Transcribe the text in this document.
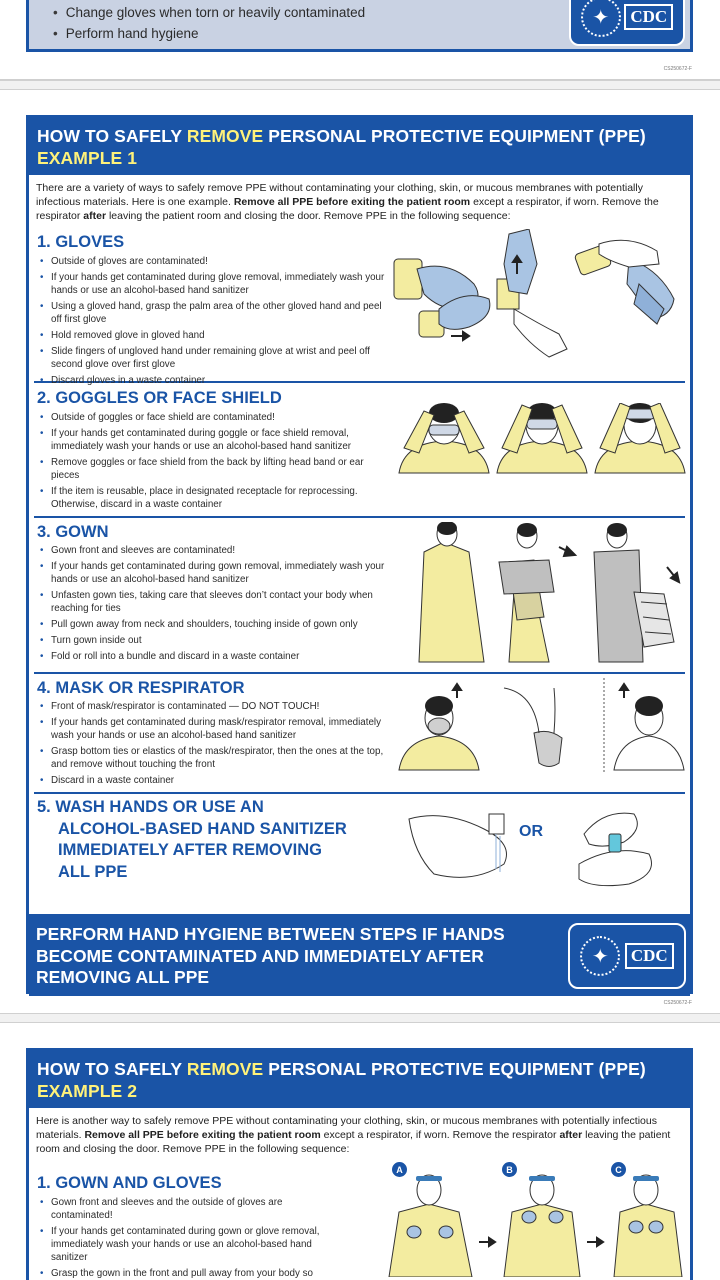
• Change gloves when torn or heavily contaminated
• Perform hand hygiene
✦	CDC
CS250672-F
HOW TO SAFELY REMOVE PERSONAL PROTECTIVE EQUIPMENT (PPE)
EXAMPLE 1

There are a variety of ways to safely remove PPE without contaminating your clothing, skin, or mucous membranes with potentially infectious materials. Here is one example. Remove all PPE before exiting the patient room except a respirator, if worn. Remove the respirator after leaving the patient room and closing the door. Remove PPE in the following sequence:

1. GLOVES
• Outside of gloves are contaminated!
• If your hands get contaminated during glove removal, immediately wash your hands or use an alcohol-based hand sanitizer
• Using a gloved hand, grasp the palm area of the other gloved hand and peel off first glove
• Hold removed glove in gloved hand
• Slide fingers of ungloved hand under remaining glove at wrist and peel off second glove over first glove
• Discard gloves in a waste container
2. GOGGLES OR FACE SHIELD
• Outside of goggles or face shield are contaminated!
• If your hands get contaminated during goggle or face shield removal, immediately wash your hands or use an alcohol-based hand sanitizer
• Remove goggles or face shield from the back by lifting head band or ear pieces
• If the item is reusable, place in designated receptacle for reprocessing. Otherwise, discard in a waste container
3. GOWN
• Gown front and sleeves are contaminated!
• If your hands get contaminated during gown removal, immediately wash your hands or use an alcohol-based hand sanitizer
• Unfasten gown ties, taking care that sleeves don’t contact your body when reaching for ties
• Pull gown away from neck and shoulders, touching inside of gown only
• Turn gown inside out
• Fold or roll into a bundle and discard in a waste container
4. MASK OR RESPIRATOR
• Front of mask/respirator is contaminated — DO NOT TOUCH!
• If your hands get contaminated during mask/respirator removal, immediately wash your hands or use an alcohol-based hand sanitizer
• Grasp bottom ties or elastics of the mask/respirator, then the ones at the top, and remove without touching the front
• Discard in a waste container
5. WASH HANDS OR USE AN
ALCOHOL-BASED HAND SANITIZER
IMMEDIATELY AFTER REMOVING
ALL PPE
OR
PERFORM HAND HYGIENE BETWEEN STEPS IF HANDS BECOME CONTAMINATED AND IMMEDIATELY AFTER REMOVING ALL PPE
✦	CDC
CS250672-F
HOW TO SAFELY REMOVE PERSONAL PROTECTIVE EQUIPMENT (PPE)
EXAMPLE 2

Here is another way to safely remove PPE without contaminating your clothing, skin, or mucous membranes with potentially infectious materials. Remove all PPE before exiting the patient room except a respirator, if worn. Remove the respirator after leaving the patient room and closing the door. Remove PPE in the following sequence:

1. GOWN AND GLOVES
• Gown front and sleeves and the outside of gloves are contaminated!
• If your hands get contaminated during gown or glove removal, immediately wash your hands or use an alcohol-based hand sanitizer
• Grasp the gown in the front and pull away from your body so
A	B	C
